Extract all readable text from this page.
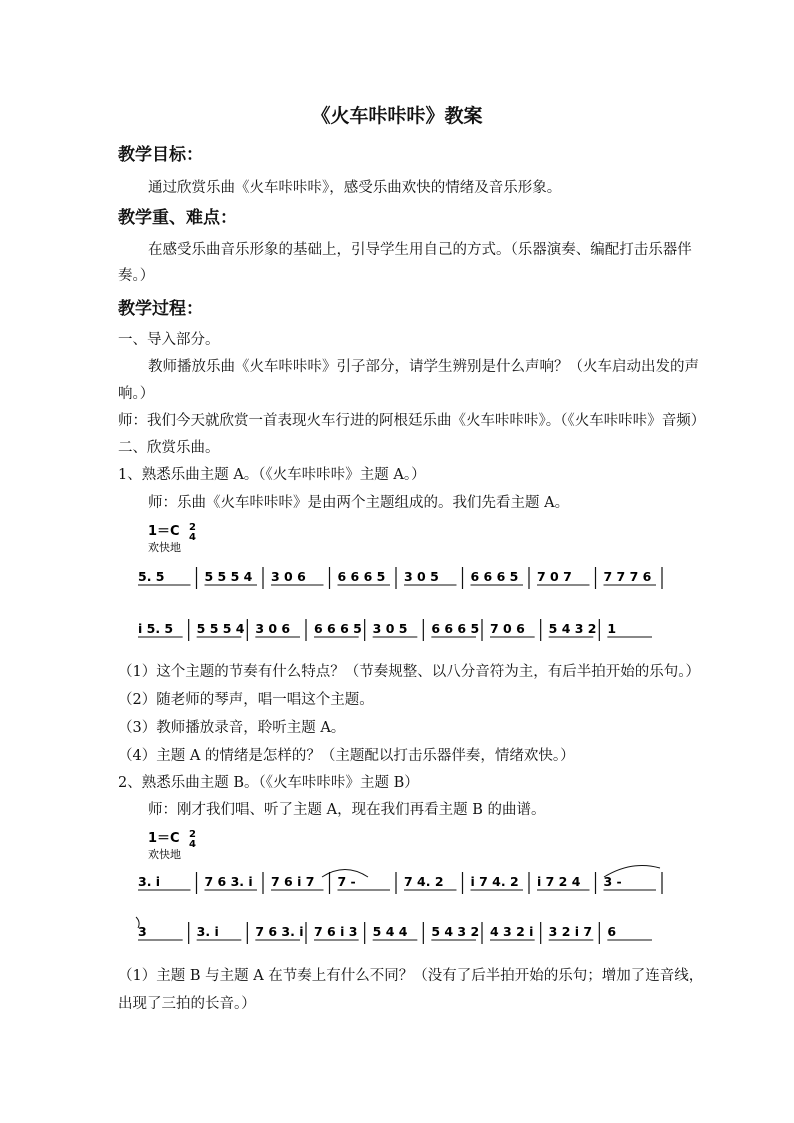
《火车咔咔咔》教案
教学目标：
通过欣赏乐曲《火车咔咔咔》，感受乐曲欢快的情绪及音乐形象。
教学重、难点：
在感受乐曲音乐形象的基础上，引导学生用自己的方式。（乐器演奏、编配打击乐器伴
奏。）
教学过程：
一、导入部分。
教师播放乐曲《火车咔咔咔》引子部分，请学生辨别是什么声响？（火车启动出发的声
响。）
师：我们今天就欣赏一首表现火车行进的阿根廷乐曲《火车咔咔咔》。（《火车咔咔咔》音频）
二、欣赏乐曲。
1、熟悉乐曲主题 A。（《火车咔咔咔》主题 A。）
师：乐曲《火车咔咔咔》是由两个主题组成的。我们先看主题 A。
1＝C 2
4
欢快地
5. 5	5 5 5 4 3 0 6	6 6 6 5 3 0 5	6 6 6 5 7 0 7	7 7 7 6
i 5. 5 5 5 5 4 3 0 6 6 6 6 5 3 0 5 6 6 6 5 7 0 6 5 4 3 2 1
（1）这个主题的节奏有什么特点？（节奏规整、以八分音符为主，有后半拍开始的乐句。）
（2）随老师的琴声，唱一唱这个主题。
（3）教师播放录音，聆听主题 A。
（4）主题 A 的情绪是怎样的？（主题配以打击乐器伴奏，情绪欢快。）
2、熟悉乐曲主题 B。（《火车咔咔咔》主题 B）
师：刚才我们唱、听了主题 A，现在我们再看主题 B 的曲谱。
1＝C 2
4
欢快地
3. i	7 6 3. i 7 6 i 7 7 -	7 4. 2 i 7 4. 2 i 7 2 4 3 -
3	3. i	7 6 3. i 7 6 i 3 5 4 4 5 4 3 2 4 3 2 i 3 2 i 7 6
（1）主题 B 与主题 A 在节奏上有什么不同？（没有了后半拍开始的乐句；增加了连音线，
出现了三拍的长音。）
